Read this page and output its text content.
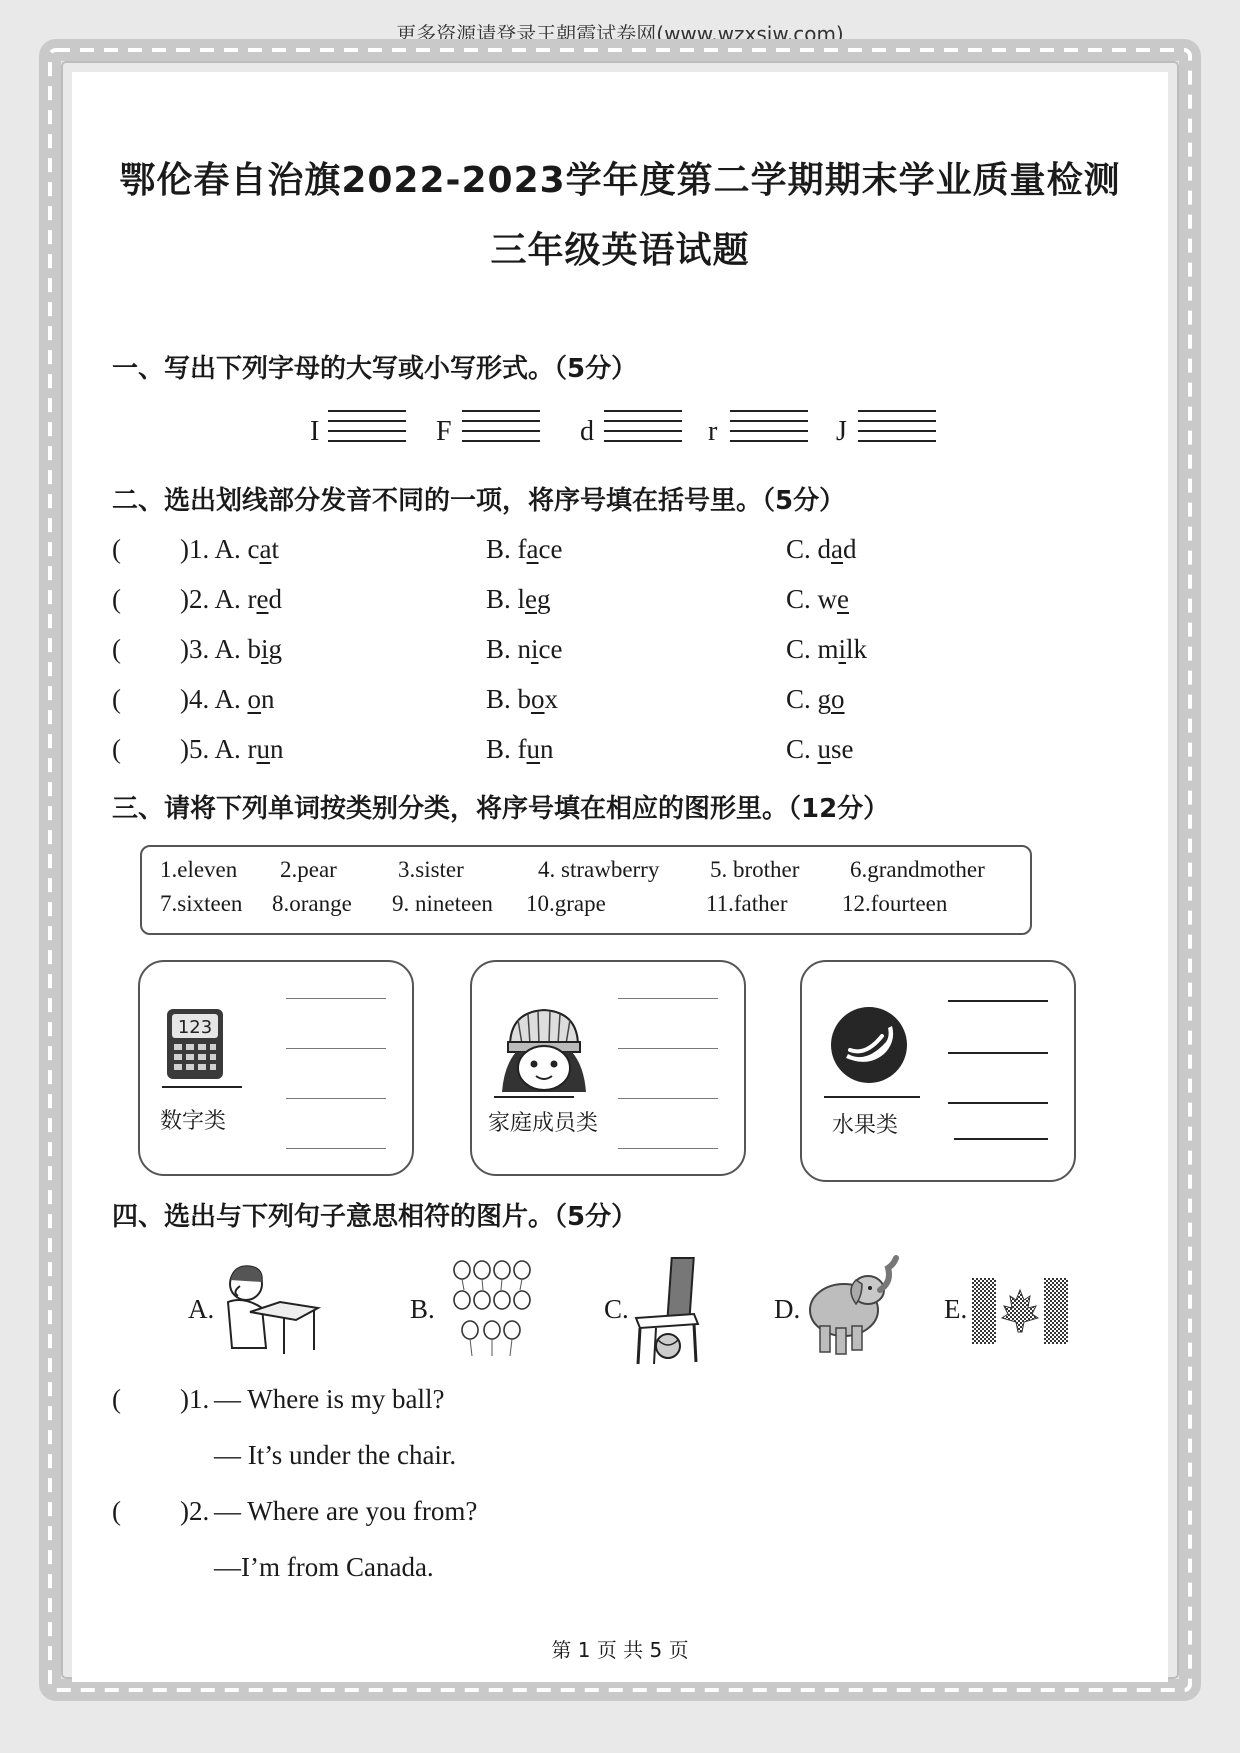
更多资源请登录王朝霞试卷网(www.wzxsjw.com)
鄂伦春自治旗2022-2023学年度第二学期期末学业质量检测
三年级英语试题
一、写出下列字母的大写或小写形式。（5分）
I	F	d	r	J
二、选出划线部分发音不同的一项，将序号填在括号里。（5分）
( )1. A. cat	B. face	C. dad
( )2. A. red	B. leg	C. we
( )3. A. big	B. nice	C. milk
( )4. A. on	B. box	C. go
( )5. A. run	B. fun	C. use
三、请将下列单词按类别分类，将序号填在相应的图形里。（12分）
1.eleven 2.pear	3.sister	4. strawberry 5. brother 6.grandmother
7.sixteen 8.orange 9. nineteen 10.grape	11.father 12.fourteen
123
数字类	家庭成员类	水果类
四、选出与下列句子意思相符的图片。（5分）
A.	B.	C.	D.	E.
( )1. — Where is my ball?
— It’s under the chair.
( )2. — Where are you from?
—I’m from Canada.
第 1 页 共 5 页
